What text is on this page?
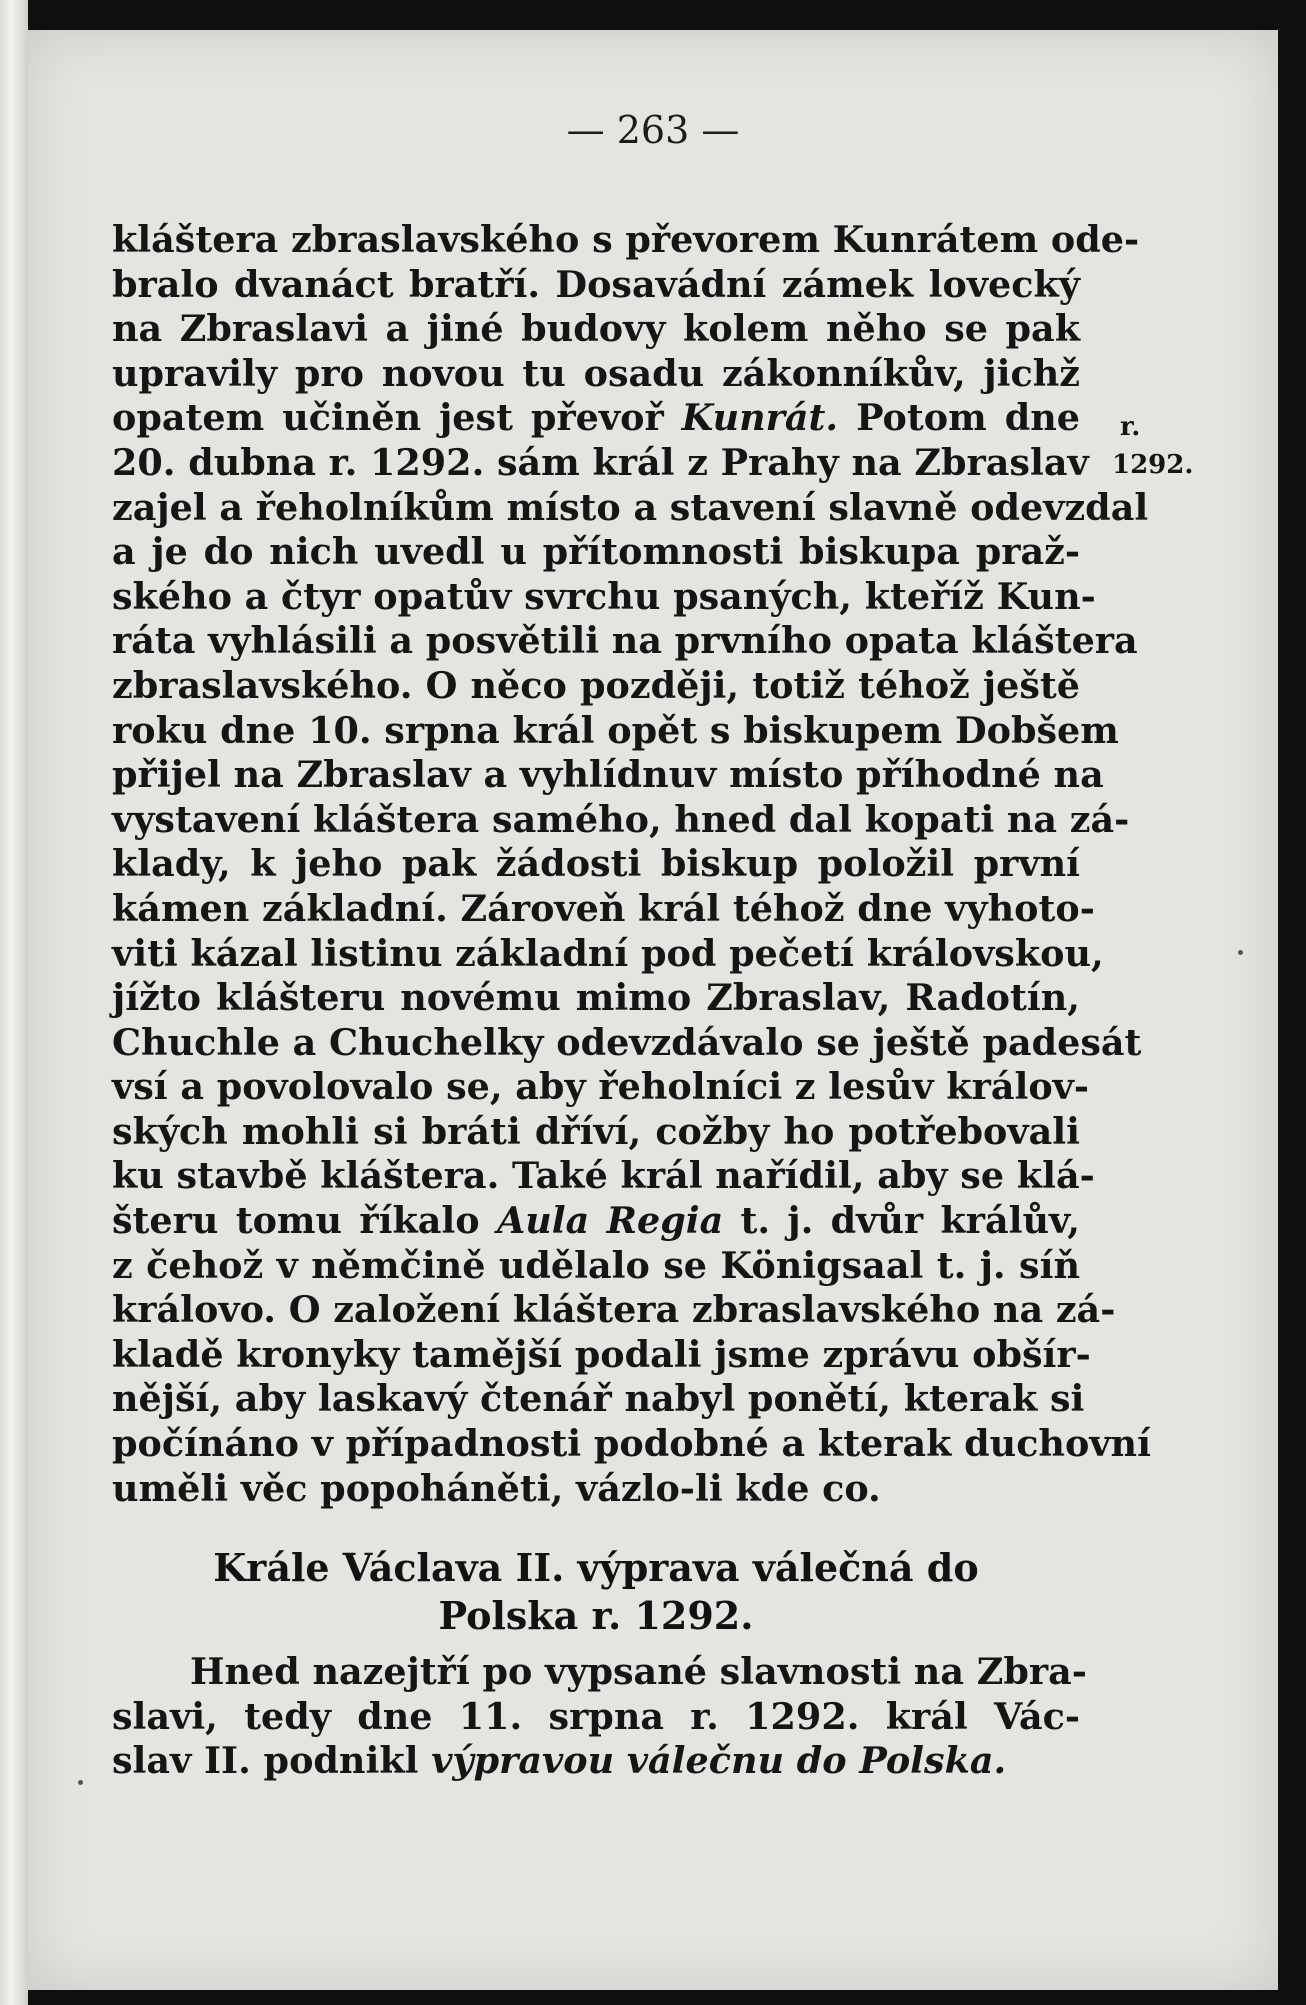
— 263 —
kláštera zbraslavského s převorem Kunrátem ode-
bralo dvanáct bratří. Dosavádní zámek lovecký
na Zbraslavi a jiné budovy kolem něho se pak
upravily pro novou tu osadu zákonníkův, jichž
opatem učiněn jest převoř Kunrát. Potom dne
20. dubna r. 1292. sám král z Prahy na Zbraslav
zajel a řeholníkům místo a stavení slavně odevzdal
a je do nich uvedl u přítomnosti biskupa praž-
ského a čtyr opatův svrchu psaných, kteříž Kun-
ráta vyhlásili a posvětili na prvního opata kláštera
zbraslavského. O něco později, totiž téhož ještě
roku dne 10. srpna král opět s biskupem Dobšem
přijel na Zbraslav a vyhlídnuv místo příhodné na
vystavení kláštera samého, hned dal kopati na zá-
klady, k jeho pak žádosti biskup položil první
kámen základní. Zároveň král téhož dne vyhoto-
viti kázal listinu základní pod pečetí královskou,
jížto klášteru novému mimo Zbraslav, Radotín,
Chuchle a Chuchelky odevzdávalo se ještě padesát
vsí a povolovalo se, aby řeholníci z lesův králov-
ských mohli si bráti dříví, cožby ho potřebovali
ku stavbě kláštera. Také král nařídil, aby se klá-
šteru tomu říkalo Aula Regia t. j. dvůr králův,
z čehož v němčině udělalo se Königsaal t. j. síň
královo. O založení kláštera zbraslavského na zá-
kladě kronyky tamější podali jsme zprávu obšír-
nější, aby laskavý čtenář nabyl ponětí, kterak si
počínáno v případnosti podobné a kterak duchovní
uměli věc popoháněti, vázlo-li kde co.
r.
1292.
Krále Václava II. výprava válečná do
Polska r. 1292.
Hned nazejtří po vypsané slavnosti na Zbra-
slavi, tedy dne 11. srpna r. 1292. král Vác-
slav II. podnikl výpravou válečnu do Polska.
